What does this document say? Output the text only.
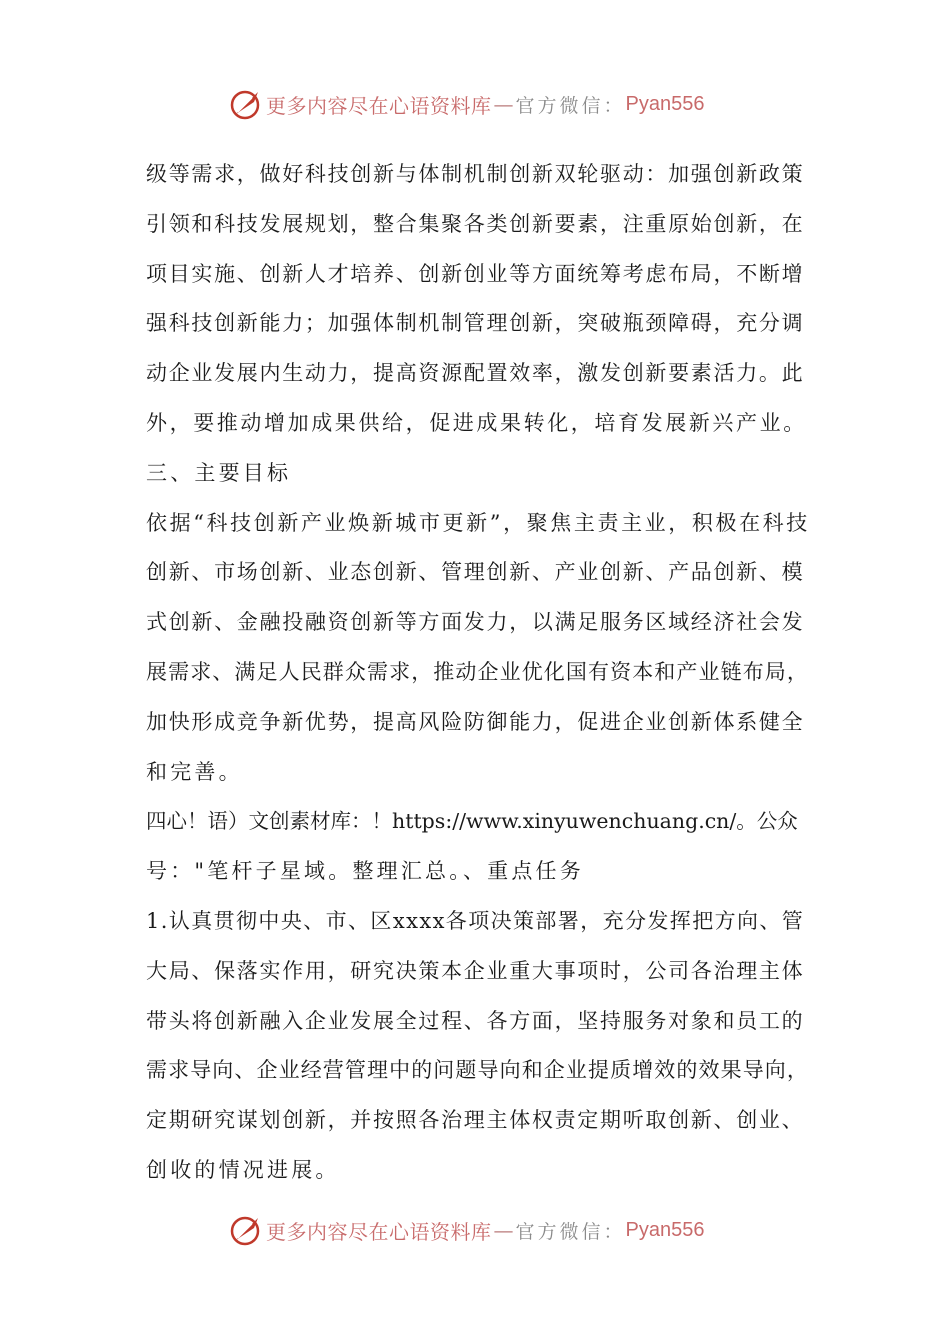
更多内容尽在心语资料库 — 官方微信： Pyan556
级等需求，做好科技创新与体制机制创新双轮驱动：加强创新政策
引领和科技发展规划，整合集聚各类创新要素，注重原始创新，在
项目实施、创新人才培养、创新创业等方面统筹考虑布局，不断增
强科技创新能力；加强体制机制管理创新，突破瓶颈障碍，充分调
动企业发展内生动力，提高资源配置效率，激发创新要素活力。此
外，要推动增加成果供给，促进成果转化，培育发展新兴产业。
三、主要目标
依据“科技创新产业焕新城市更新”，聚焦主责主业，积极在科技
创新、市场创新、业态创新、管理创新、产业创新、产品创新、模
式创新、金融投融资创新等方面发力，以满足服务区域经济社会发
展需求、满足人民群众需求，推动企业优化国有资本和产业链布局，
加快形成竞争新优势，提高风险防御能力，促进企业创新体系健全
和完善。
四心！语）文创素材库：！https://www.xinyuwenchuang.cn/。公众
号："笔杆子星域。整理汇总。、重点任务
1.认真贯彻中央、市、区xxxx各项决策部署，充分发挥把方向、管
大局、保落实作用，研究决策本企业重大事项时，公司各治理主体
带头将创新融入企业发展全过程、各方面，坚持服务对象和员工的
需求导向、企业经营管理中的问题导向和企业提质增效的效果导向，
定期研究谋划创新，并按照各治理主体权责定期听取创新、创业、
创收的情况进展。
更多内容尽在心语资料库 — 官方微信： Pyan556
